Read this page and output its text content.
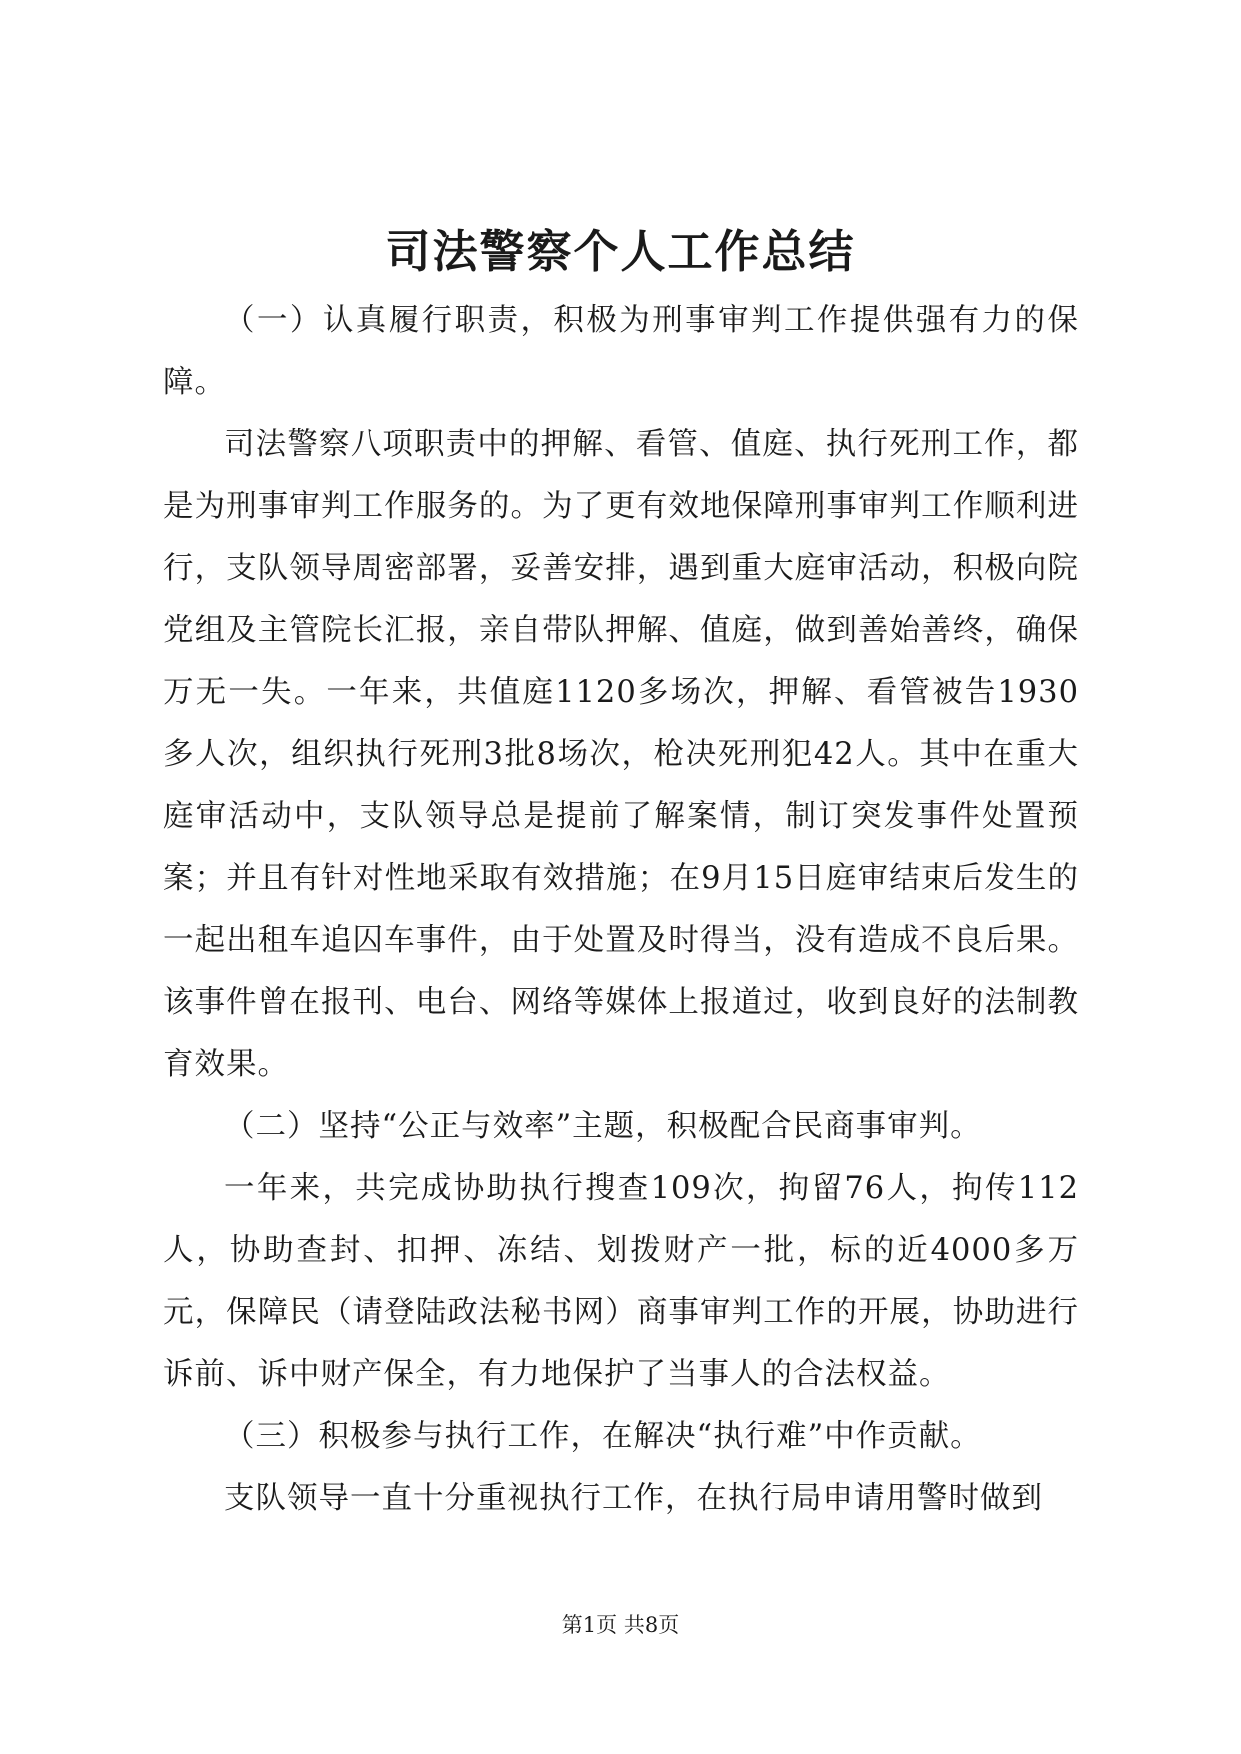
司法警察个人工作总结

（一）认真履行职责，积极为刑事审判工作提供强有力的保障。

司法警察八项职责中的押解、看管、值庭、执行死刑工作，都是为刑事审判工作服务的。为了更有效地保障刑事审判工作顺利进行，支队领导周密部署，妥善安排，遇到重大庭审活动，积极向院党组及主管院长汇报，亲自带队押解、值庭，做到善始善终，确保万无一失。一年来，共值庭1120多场次，押解、看管被告1930多人次，组织执行死刑3批8场次，枪决死刑犯42人。其中在重大庭审活动中，支队领导总是提前了解案情，制订突发事件处置预案；并且有针对性地采取有效措施；在9月15日庭审结束后发生的一起出租车追囚车事件，由于处置及时得当，没有造成不良后果。该事件曾在报刊、电台、网络等媒体上报道过，收到良好的法制教育效果。

（二）坚持“公正与效率”主题，积极配合民商事审判。

一年来，共完成协助执行搜查109次，拘留76人，拘传112人，协助查封、扣押、冻结、划拨财产一批，标的近4000多万元，保障民（请登陆政法秘书网）商事审判工作的开展，协助进行诉前、诉中财产保全，有力地保护了当事人的合法权益。

（三）积极参与执行工作，在解决“执行难”中作贡献。

支队领导一直十分重视执行工作，在执行局申请用警时做到

第1页 共8页
